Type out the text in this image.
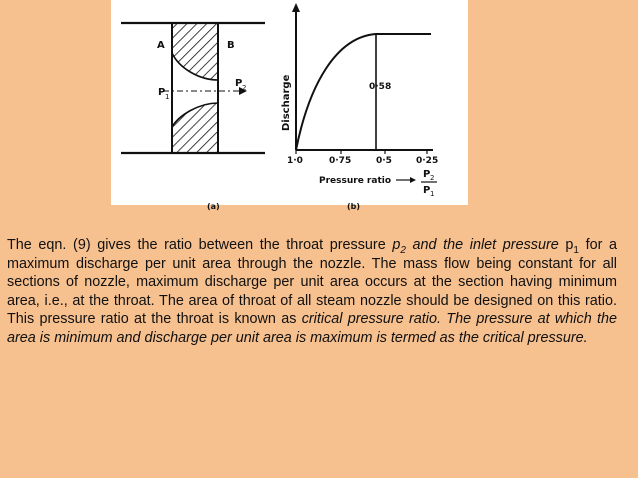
A	B
P 1
P 2
(a)
Discharge	0·58
1·0	0·75	0·5	0·25
Pressure ratio
P 2
P 1
(b)

The eqn. (9) gives the ratio between the throat pressure $p_2$ and the inlet pressure $p_1$ for a maximum discharge per unit area through the nozzle. The mass flow being constant for all sections of nozzle, maximum discharge per unit area occurs at the section having minimum area, i.e., at the throat. The area of throat of all steam nozzle should be designed on this ratio. This pressure ratio at the throat is known as critical pressure ratio. The pressure at which the area is minimum and discharge per unit area is maximum is termed as the critical pressure.
